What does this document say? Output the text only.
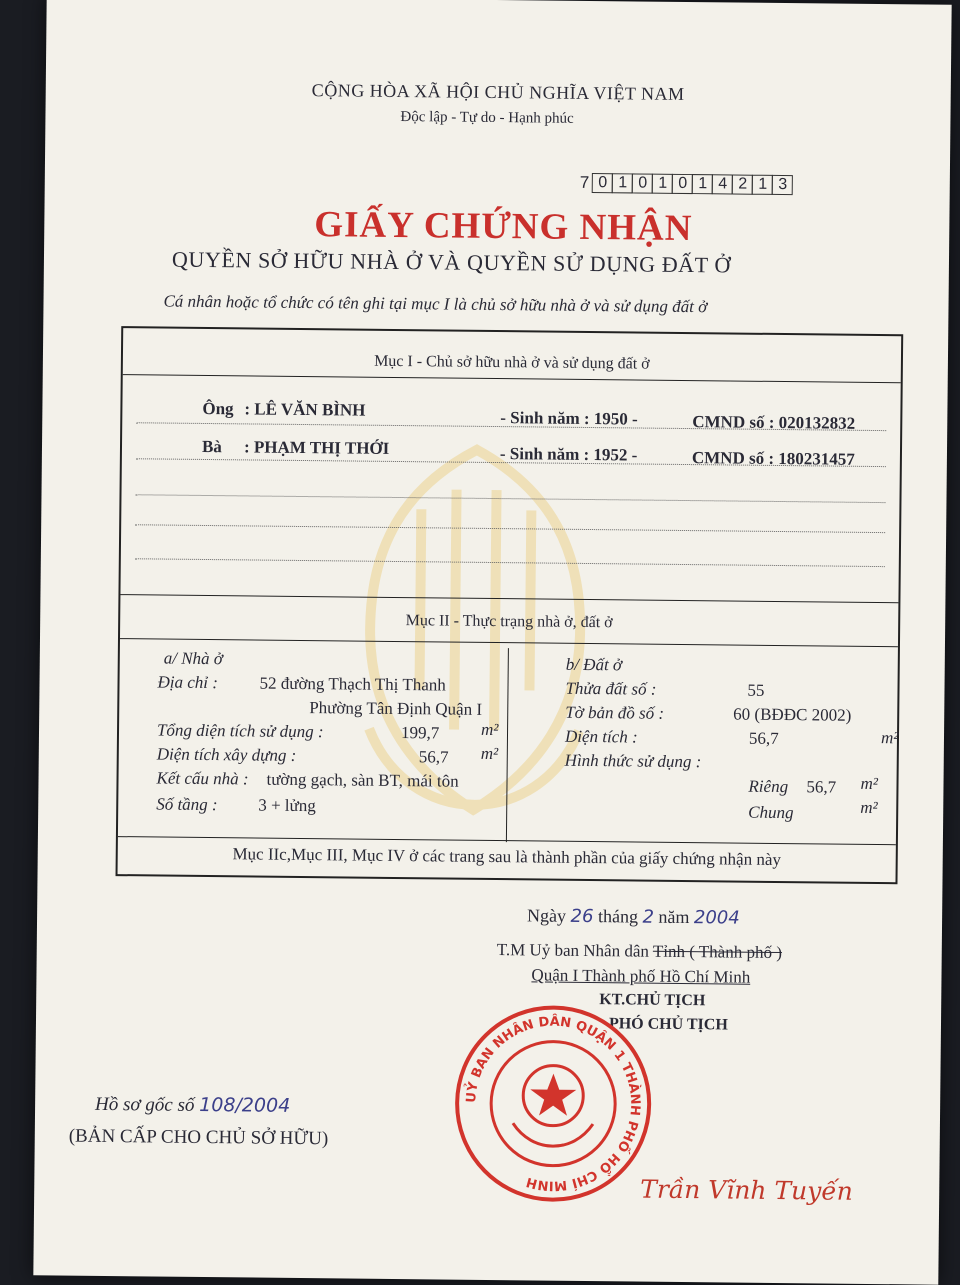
CỘNG HÒA XÃ HỘI CHỦ NGHĨA VIỆT NAM
Độc lập - Tự do - Hạnh phúc
7 0 1 0 1 0 1 4 2 1 3
GIẤY CHỨNG NHẬN
QUYỀN SỞ HỮU NHÀ Ở VÀ QUYỀN SỬ DỤNG ĐẤT Ở
Cá nhân hoặc tổ chức có tên ghi tại mục I là chủ sở hữu nhà ở và sử dụng đất ở
Mục I - Chủ sở hữu nhà ở và sử dụng đất ở
Ông : LÊ VĂN BÌNH	- Sinh năm : 1950 -	CMND số : 020132832
Bà : PHẠM THỊ THỚI	- Sinh năm : 1952 -	CMND số : 180231457
Mục II - Thực trạng nhà ở, đất ở
a/ Nhà ở
Địa chỉ : 52 đường Thạch Thị Thanh
Phường Tân Định Quận I
Tổng diện tích sử dụng :	199,7 m²
Diện tích xây dựng :	56,7 m²
Kết cấu nhà : tường gạch, sàn BT, mái tôn
Số tầng : 3 + lửng
b/ Đất ở
Thửa đất số :	55
Tờ bản đồ số :	60 (BĐĐC 2002)
Diện tích :	56,7	m²
Hình thức sử dụng :
Riêng 56,7 m²
Chung	m²
Mục IIc,Mục III, Mục IV ở các trang sau là thành phần của giấy chứng nhận này
Ngày 26 tháng 2 năm 2004
T.M Uỷ ban Nhân dân Tỉnh ( Thành phố )
Quận I Thành phố Hồ Chí Minh
KT.CHỦ TỊCH
PHÓ CHỦ TỊCH
UỶ BAN NHÂN DÂN QUẬN 1 THÀNH PHỐ HỒ CHÍ MINH
Hồ sơ gốc số 108/2004
(BẢN CẤP CHO CHỦ SỞ HỮU)
Trần Vĩnh Tuyến
